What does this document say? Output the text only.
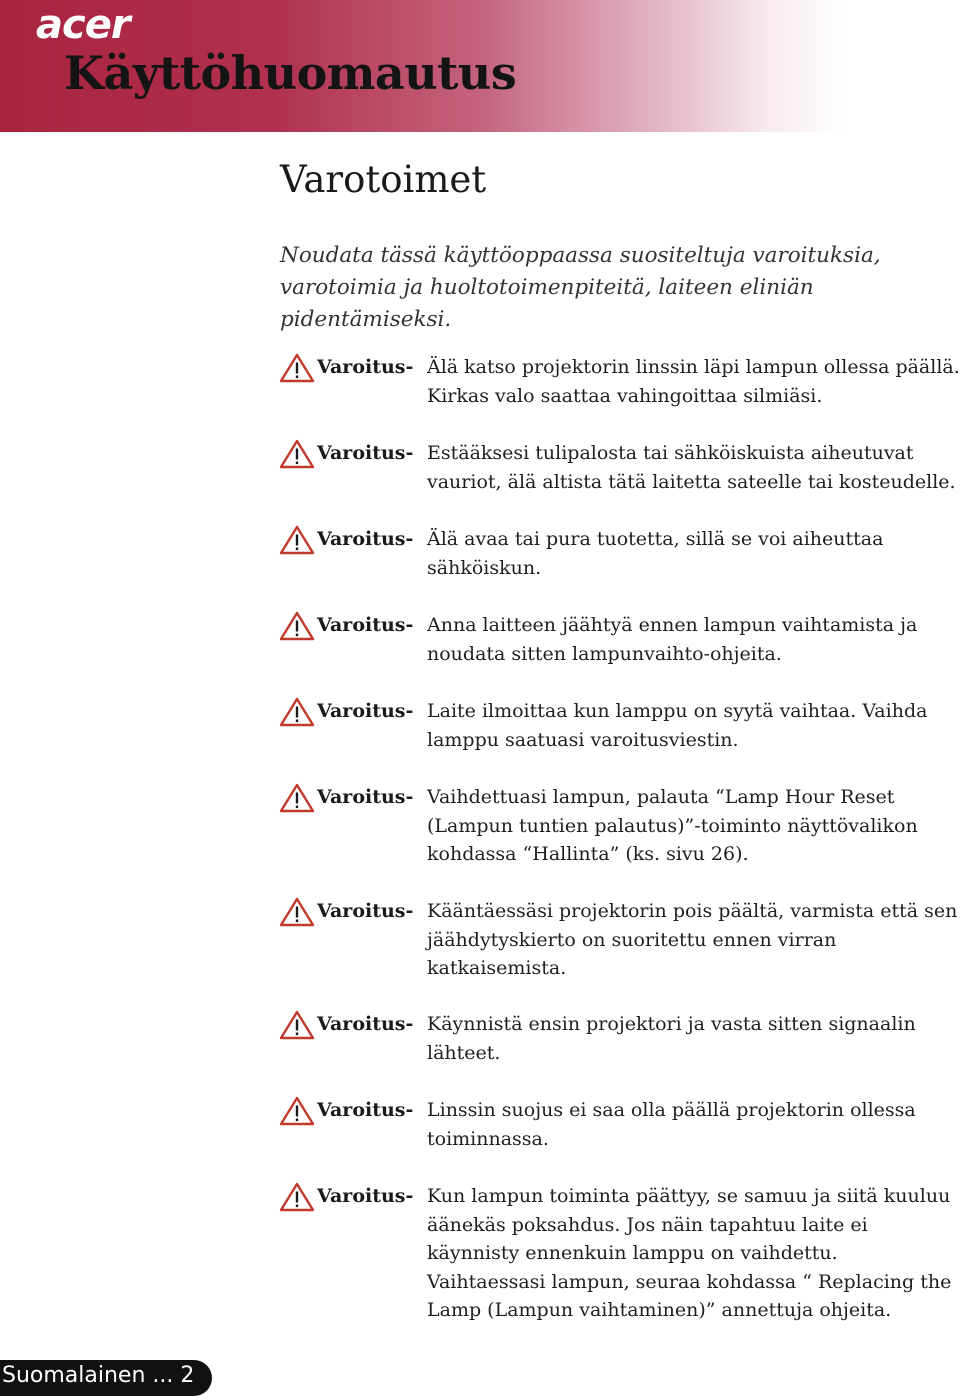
acer
Käyttöhuomautus
Varotoimet
Noudata tässä käyttöoppaassa suositeltuja varoituksia, varotoimia ja huoltotoimenpiteitä, laiteen eliniän pidentämiseksi.
Varoitus- Älä katso projektorin linssin läpi lampun ollessa päällä. Kirkas valo saattaa vahingoittaa silmiäsi.
Varoitus- Estääksesi tulipalosta tai sähköiskuista aiheutuvat vauriot, älä altista tätä laitetta sateelle tai kosteudelle.
Varoitus- Älä avaa tai pura tuotetta, sillä se voi aiheuttaa sähköiskun.
Varoitus- Anna laitteen jäähtyä ennen lampun vaihtamista ja noudata sitten lampunvaihto-ohjeita.
Varoitus- Laite ilmoittaa kun lamppu on syytä vaihtaa. Vaihda lamppu saatuasi varoitusviestin.
Varoitus- Vaihdettuasi lampun, palauta “Lamp Hour Reset (Lampun tuntien palautus)”-toiminto näyttövalikon kohdassa “Hallinta” (ks. sivu 26).
Varoitus- Kääntäessäsi projektorin pois päältä, varmista että sen jäähdytyskierto on suoritettu ennen virran katkaisemista.
Varoitus- Käynnistä ensin projektori ja vasta sitten signaalin lähteet.
Varoitus- Linssin suojus ei saa olla päällä projektorin ollessa toiminnassa.
Varoitus- Kun lampun toiminta päättyy, se samuu ja siitä kuuluu äänekäs poksahdus. Jos näin tapahtuu laite ei käynnisty ennenkuin lamppu on vaihdettu. Vaihtaessasi lampun, seuraa kohdassa “ Replacing the Lamp (Lampun vaihtaminen)” annettuja ohjeita.
Suomalainen ... 2
